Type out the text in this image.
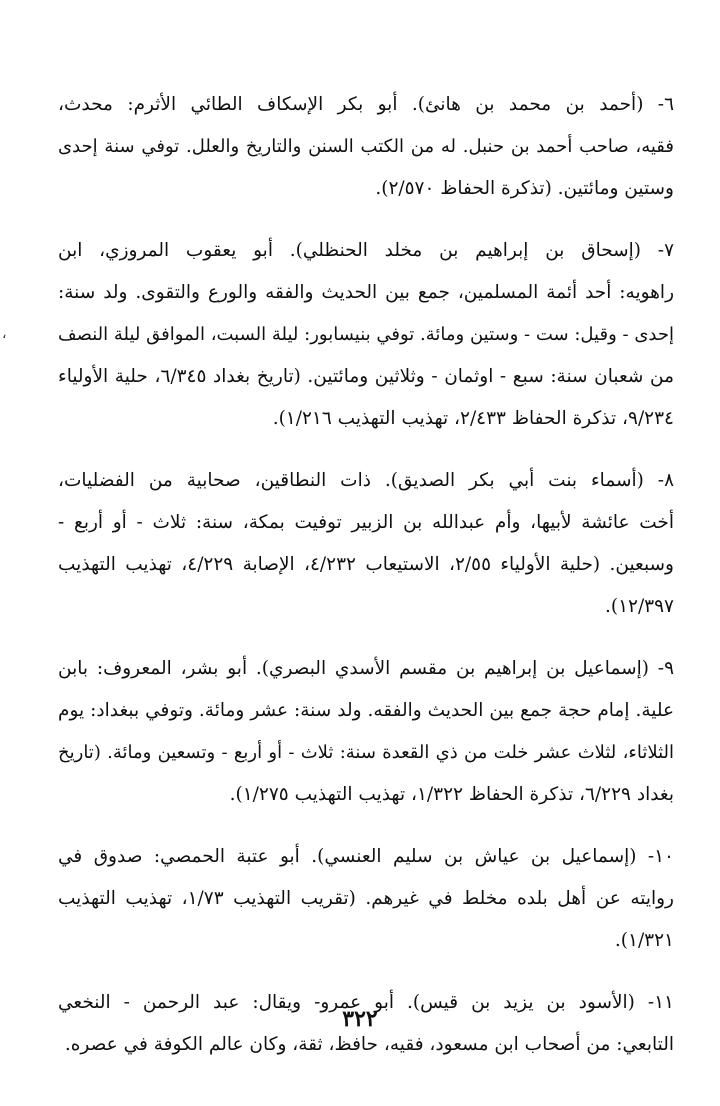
٦- (أحمد بن محمد بن هانئ). أبو بكر الإسكاف الطائي الأثرم: محدث،
فقيه، صاحب أحمد بن حنبل. له من الكتب السنن والتاريخ والعلل. توفي سنة إحدى
وستين ومائتين. (تذكرة الحفاظ ٢/٥٧٠).
٧- (إسحاق بن إبراهيم بن مخلد الحنظلي). أبو يعقوب المروزي، ابن
راهويه: أحد أئمة المسلمين، جمع بين الحديث والفقه والورع والتقوى. ولد سنة:
إحدى - وقيل: ست - وستين ومائة. توفي بنيسابور: ليلة السبت، الموافق ليلة النصف
من شعبان سنة: سبع - اوثمان - وثلاثين ومائتين. (تاريخ بغداد ٦/٣٤٥، حلية الأولياء
٩/٢٣٤، تذكرة الحفاظ ٢/٤٣٣، تهذيب التهذيب ١/٢١٦).
٨- (أسماء بنت أبي بكر الصديق). ذات النطاقين، صحابية من الفضليات،
أخت عائشة لأبيها، وأم عبدالله بن الزبير توفيت بمكة، سنة: ثلاث - أو أربع -
وسبعين. (حلية الأولياء ٢/٥٥، الاستيعاب ٤/٢٣٢، الإصابة ٤/٢٢٩، تهذيب التهذيب
١٢/٣٩٧).
٩- (إسماعيل بن إبراهيم بن مقسم الأسدي البصري). أبو بشر، المعروف: بابن
علية. إمام حجة جمع بين الحديث والفقه. ولد سنة: عشر ومائة. وتوفي ببغداد: يوم
الثلاثاء، لثلاث عشر خلت من ذي القعدة سنة: ثلاث - أو أربع - وتسعين ومائة. (تاريخ
بغداد ٦/٢٢٩، تذكرة الحفاظ ١/٣٢٢، تهذيب التهذيب ١/٢٧٥).
١٠- (إسماعيل بن عياش بن سليم العنسي). أبو عتبة الحمصي: صدوق في
روايته عن أهل بلده مخلط في غيرهم. (تقريب التهذيب ١/٧٣، تهذيب التهذيب
١/٣٢١).
١١- (الأسود بن يزيد بن قيس). أبو عمرو- ويقال: عبد الرحمن - النخعي
التابعي: من أصحاب ابن مسعود، فقيه، حافظ، ثقة، وكان عالم الكوفة في عصره.
٣٢٢
،
